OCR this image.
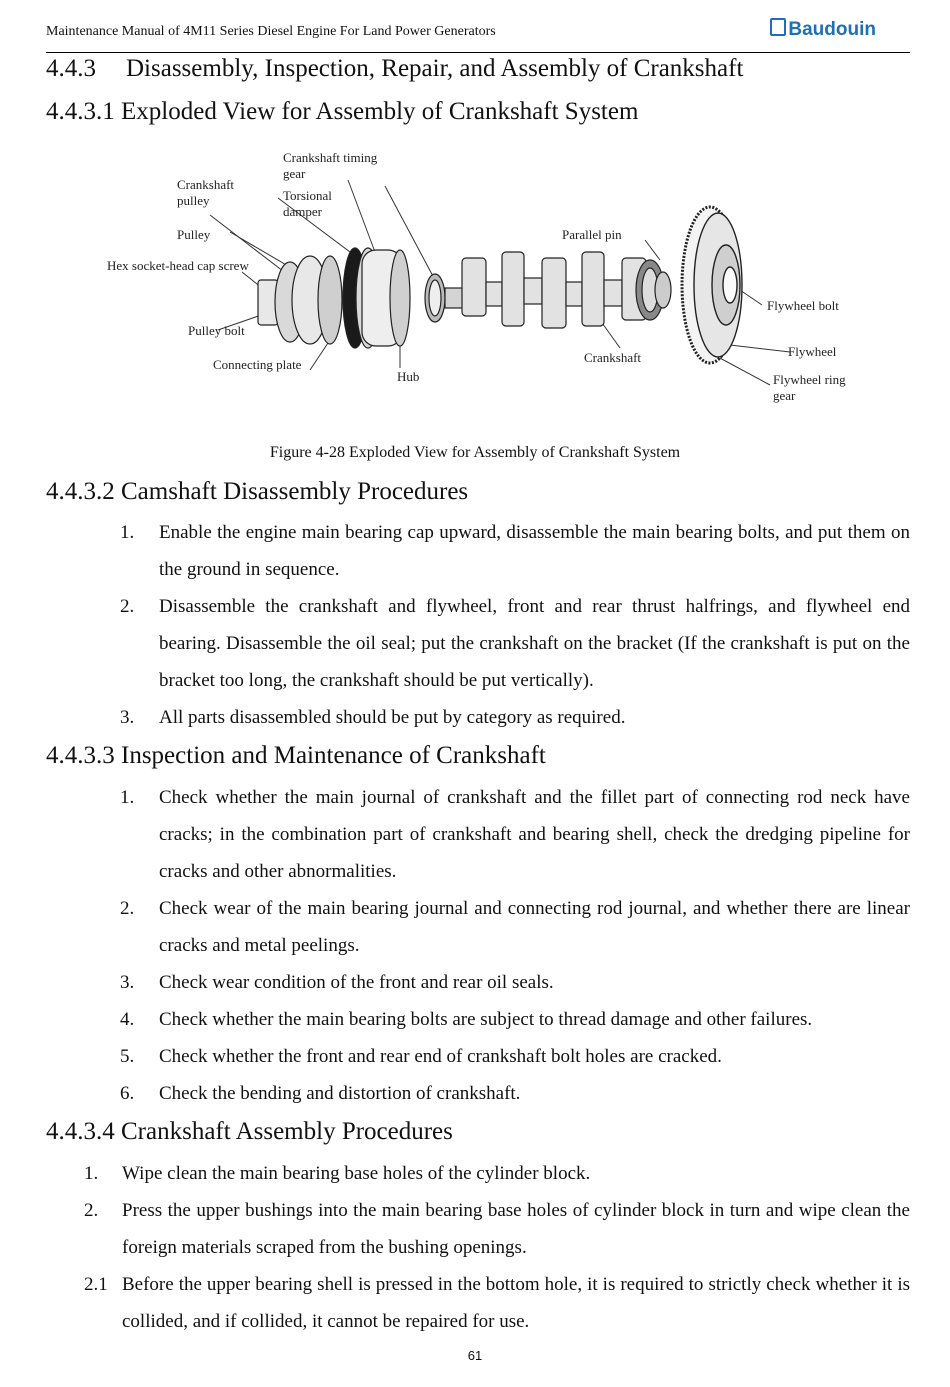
Maintenance Manual of 4M11 Series Diesel Engine For Land Power Generators	Baudouin
4.4.3 Disassembly, Inspection, Repair, and Assembly of Crankshaft
4.4.3.1 Exploded View for Assembly of Crankshaft System
Crankshaft timing gear
Crankshaft pulley	Torsional damper
Pulley	Parallel pin
Hex socket-head cap screw
Flywheel bolt
Pulley bolt
Flywheel
Crankshaft
Connecting plate
Hub	Flywheel ring gear
Figure 4-28 Exploded View for Assembly of Crankshaft System
4.4.3.2 Camshaft Disassembly Procedures
1. Enable the engine main bearing cap upward, disassemble the main bearing bolts, and put them on the ground in sequence.
2. Disassemble the crankshaft and flywheel, front and rear thrust halfrings, and flywheel end bearing. Disassemble the oil seal; put the crankshaft on the bracket (If the crankshaft is put on the bracket too long, the crankshaft should be put vertically).
3. All parts disassembled should be put by category as required.
4.4.3.3 Inspection and Maintenance of Crankshaft
1. Check whether the main journal of crankshaft and the fillet part of connecting rod neck have cracks; in the combination part of crankshaft and bearing shell, check the dredging pipeline for cracks and other abnormalities.
2. Check wear of the main bearing journal and connecting rod journal, and whether there are linear cracks and metal peelings.
3. Check wear condition of the front and rear oil seals.
4. Check whether the main bearing bolts are subject to thread damage and other failures.
5. Check whether the front and rear end of crankshaft bolt holes are cracked.
6. Check the bending and distortion of crankshaft.
4.4.3.4 Crankshaft Assembly Procedures
1. Wipe clean the main bearing base holes of the cylinder block.
2. Press the upper bushings into the main bearing base holes of cylinder block in turn and wipe clean the foreign materials scraped from the bushing openings.
2.1 Before the upper bearing shell is pressed in the bottom hole, it is required to strictly check whether it is collided, and if collided, it cannot be repaired for use.
61
